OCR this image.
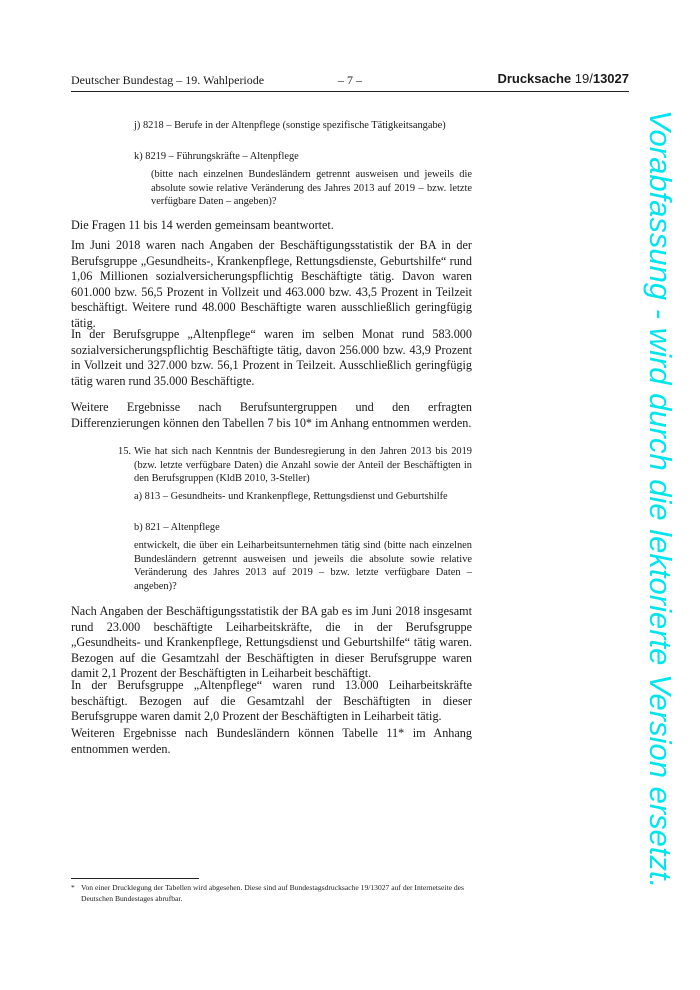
Deutscher Bundestag – 19. Wahlperiode	– 7 –	Drucksache 19/13027

j) 8218 – Berufe in der Altenpflege (sonstige spezifische Tätigkeitsangabe)

k) 8219 – Führungskräfte – Altenpflege

(bitte nach einzelnen Bundesländern getrennt ausweisen und jeweils die absolute sowie relative Veränderung des Jahres 2013 auf 2019 – bzw. letzte verfügbare Daten – angeben)?

Die Fragen 11 bis 14 werden gemeinsam beantwortet.

Im Juni 2018 waren nach Angaben der Beschäftigungsstatistik der BA in der Berufsgruppe „Gesundheits-, Krankenpflege, Rettungsdienste, Geburtshilfe“ rund 1,06 Millionen sozialversicherungspflichtig Beschäftigte tätig. Davon waren 601.000 bzw. 56,5 Prozent in Vollzeit und 463.000 bzw. 43,5 Prozent in Teilzeit beschäftigt. Weitere rund 48.000 Beschäftigte waren ausschließlich geringfügig tätig.

In der Berufsgruppe „Altenpflege“ waren im selben Monat rund 583.000 sozialversicherungspflichtig Beschäftigte tätig, davon 256.000 bzw. 43,9 Prozent in Vollzeit und 327.000 bzw. 56,1 Prozent in Teilzeit. Ausschließlich geringfügig tätig waren rund 35.000 Beschäftigte.

Weitere Ergebnisse nach Berufsuntergruppen und den erfragten Differenzierungen können den Tabellen 7 bis 10* im Anhang entnommen werden.

15. Wie hat sich nach Kenntnis der Bundesregierung in den Jahren 2013 bis 2019 (bzw. letzte verfügbare Daten) die Anzahl sowie der Anteil der Beschäftigten in den Berufsgruppen (KldB 2010, 3-Steller)

a) 813 – Gesundheits- und Krankenpflege, Rettungsdienst und Geburtshilfe

b) 821 – Altenpflege

entwickelt, die über ein Leiharbeitsunternehmen tätig sind (bitte nach einzelnen Bundesländern getrennt ausweisen und jeweils die absolute sowie relative Veränderung des Jahres 2013 auf 2019 – bzw. letzte verfügbare Daten – angeben)?

Nach Angaben der Beschäftigungsstatistik der BA gab es im Juni 2018 insgesamt rund 23.000 beschäftigte Leiharbeitskräfte, die in der Berufsgruppe „Gesundheits- und Krankenpflege, Rettungsdienst und Geburtshilfe“ tätig waren. Bezogen auf die Gesamtzahl der Beschäftigten in dieser Berufsgruppe waren damit 2,1 Prozent der Beschäftigten in Leiharbeit beschäftigt.

In der Berufsgruppe „Altenpflege“ waren rund 13.000 Leiharbeitskräfte beschäftigt. Bezogen auf die Gesamtzahl der Beschäftigten in dieser Berufsgruppe waren damit 2,0 Prozent der Beschäftigten in Leiharbeit tätig.

Weiteren Ergebnisse nach Bundesländern können Tabelle 11* im Anhang entnommen werden.

* Von einer Drucklegung der Tabellen wird abgesehen. Diese sind auf Bundestagsdrucksache 19/13027 auf der Internetseite des Deutschen Bundestages abrufbar.
Vorabfassung - wird durch die lektorierte Version ersetzt.
